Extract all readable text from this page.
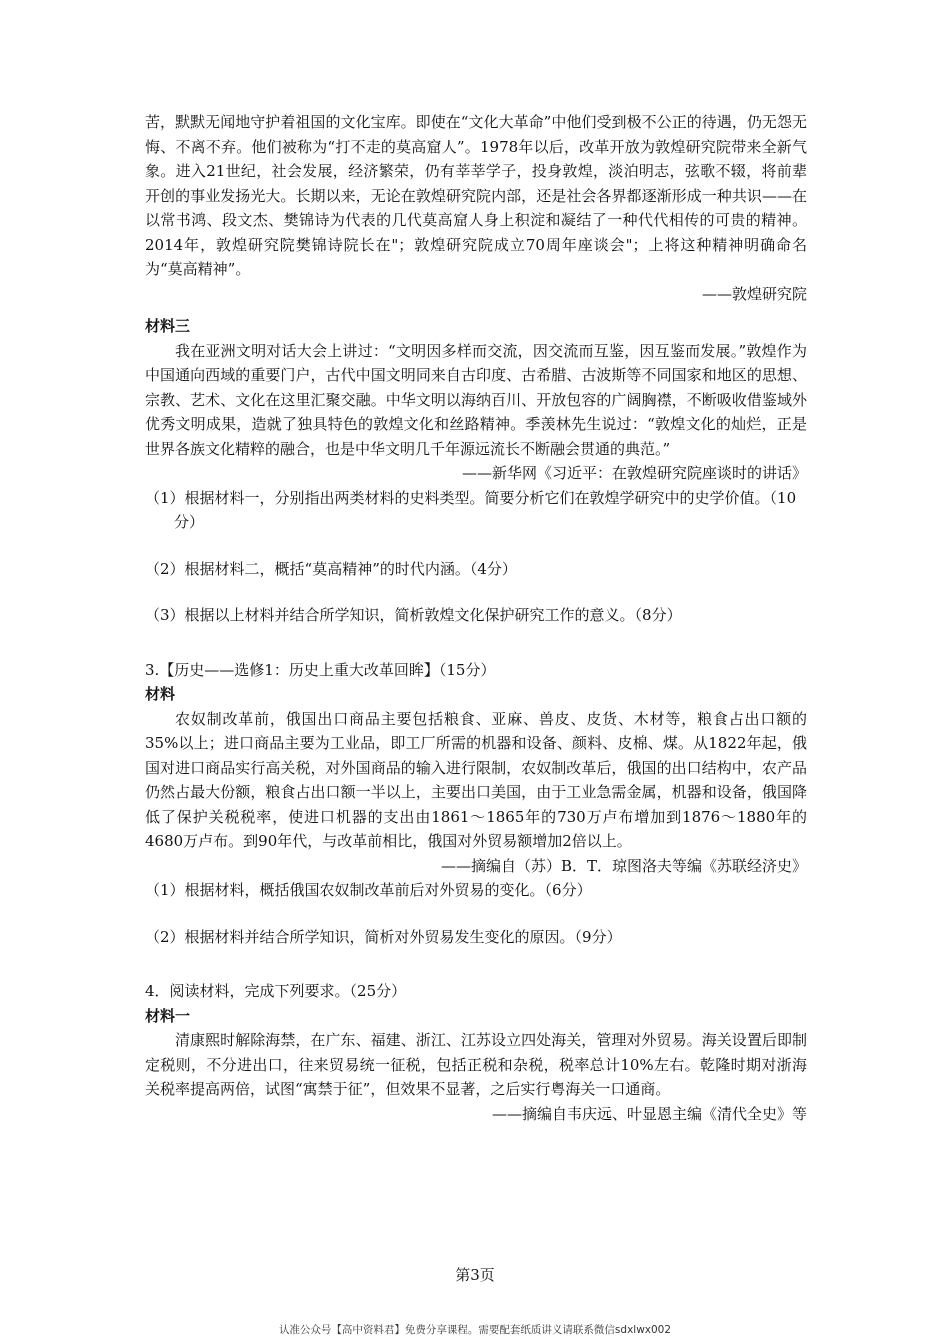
苦，默默无闻地守护着祖国的文化宝库。即使在“文化大革命”中他们受到极不公正的待遇，仍无怨无悔、不离不弃。他们被称为“打不走的莫高窟人”。1978年以后，改革开放为敦煌研究院带来全新气象。进入21世纪，社会发展，经济繁荣，仍有莘莘学子，投身敦煌，淡泊明志，弦歌不辍，将前辈开创的事业发扬光大。长期以来，无论在敦煌研究院内部，还是社会各界都逐渐形成一种共识——在以常书鸿、段文杰、樊锦诗为代表的几代莫高窟人身上积淀和凝结了一种代代相传的可贵的精神。2014年，敦煌研究院樊锦诗院长在"；敦煌研究院成立70周年座谈会"；上将这种精神明确命名为“莫高精神”。

——敦煌研究院

材料三

我在亚洲文明对话大会上讲过：“文明因多样而交流，因交流而互鉴，因互鉴而发展。”敦煌作为中国通向西域的重要门户，古代中国文明同来自古印度、古希腊、古波斯等不同国家和地区的思想、宗教、艺术、文化在这里汇聚交融。中华文明以海纳百川、开放包容的广阔胸襟，不断吸收借鉴域外优秀文明成果，造就了独具特色的敦煌文化和丝路精神。季羡林先生说过：“敦煌文化的灿烂，正是世界各族文化精粹的融合，也是中华文明几千年源远流长不断融会贯通的典范。”

——新华网《习近平：在敦煌研究院座谈时的讲话》

（1）根据材料一，分别指出两类材料的史料类型。简要分析它们在敦煌学研究中的史学价值。（10分）

（2）根据材料二，概括“莫高精神”的时代内涵。（4分）

（3）根据以上材料并结合所学知识，简析敦煌文化保护研究工作的意义。（8分）

3.【历史——选修1：历史上重大改革回眸】（15分）

材料

农奴制改革前，俄国出口商品主要包括粮食、亚麻、兽皮、皮货、木材等，粮食占出口额的35%以上；进口商品主要为工业品，即工厂所需的机器和设备、颜料、皮棉、煤。从1822年起，俄国对进口商品实行高关税，对外国商品的输入进行限制，农奴制改革后，俄国的出口结构中，农产品仍然占最大份额，粮食占出口额一半以上，主要出口美国，由于工业急需金属，机器和设备，俄国降低了保护关税税率，使进口机器的支出由1861～1865年的730万卢布增加到1876～1880年的4680万卢布。到90年代，与改革前相比，俄国对外贸易额增加2倍以上。

——摘编自（苏）B．T．琼图洛夫等编《苏联经济史》

（1）根据材料，概括俄国农奴制改革前后对外贸易的变化。（6分）

（2）根据材料并结合所学知识，简析对外贸易发生变化的原因。（9分）

4．阅读材料，完成下列要求。（25分）

材料一

清康熙时解除海禁，在广东、福建、浙江、江苏设立四处海关，管理对外贸易。海关设置后即制定税则，不分进出口，往来贸易统一征税，包括正税和杂税，税率总计10%左右。乾隆时期对浙海关税率提高两倍，试图“寓禁于征”，但效果不显著，之后实行粤海关一口通商。

——摘编自韦庆远、叶显恩主编《清代全史》等

第3页
认准公众号【高中资料君】免费分享课程。需要配套纸质讲义请联系微信sdxlwx002
